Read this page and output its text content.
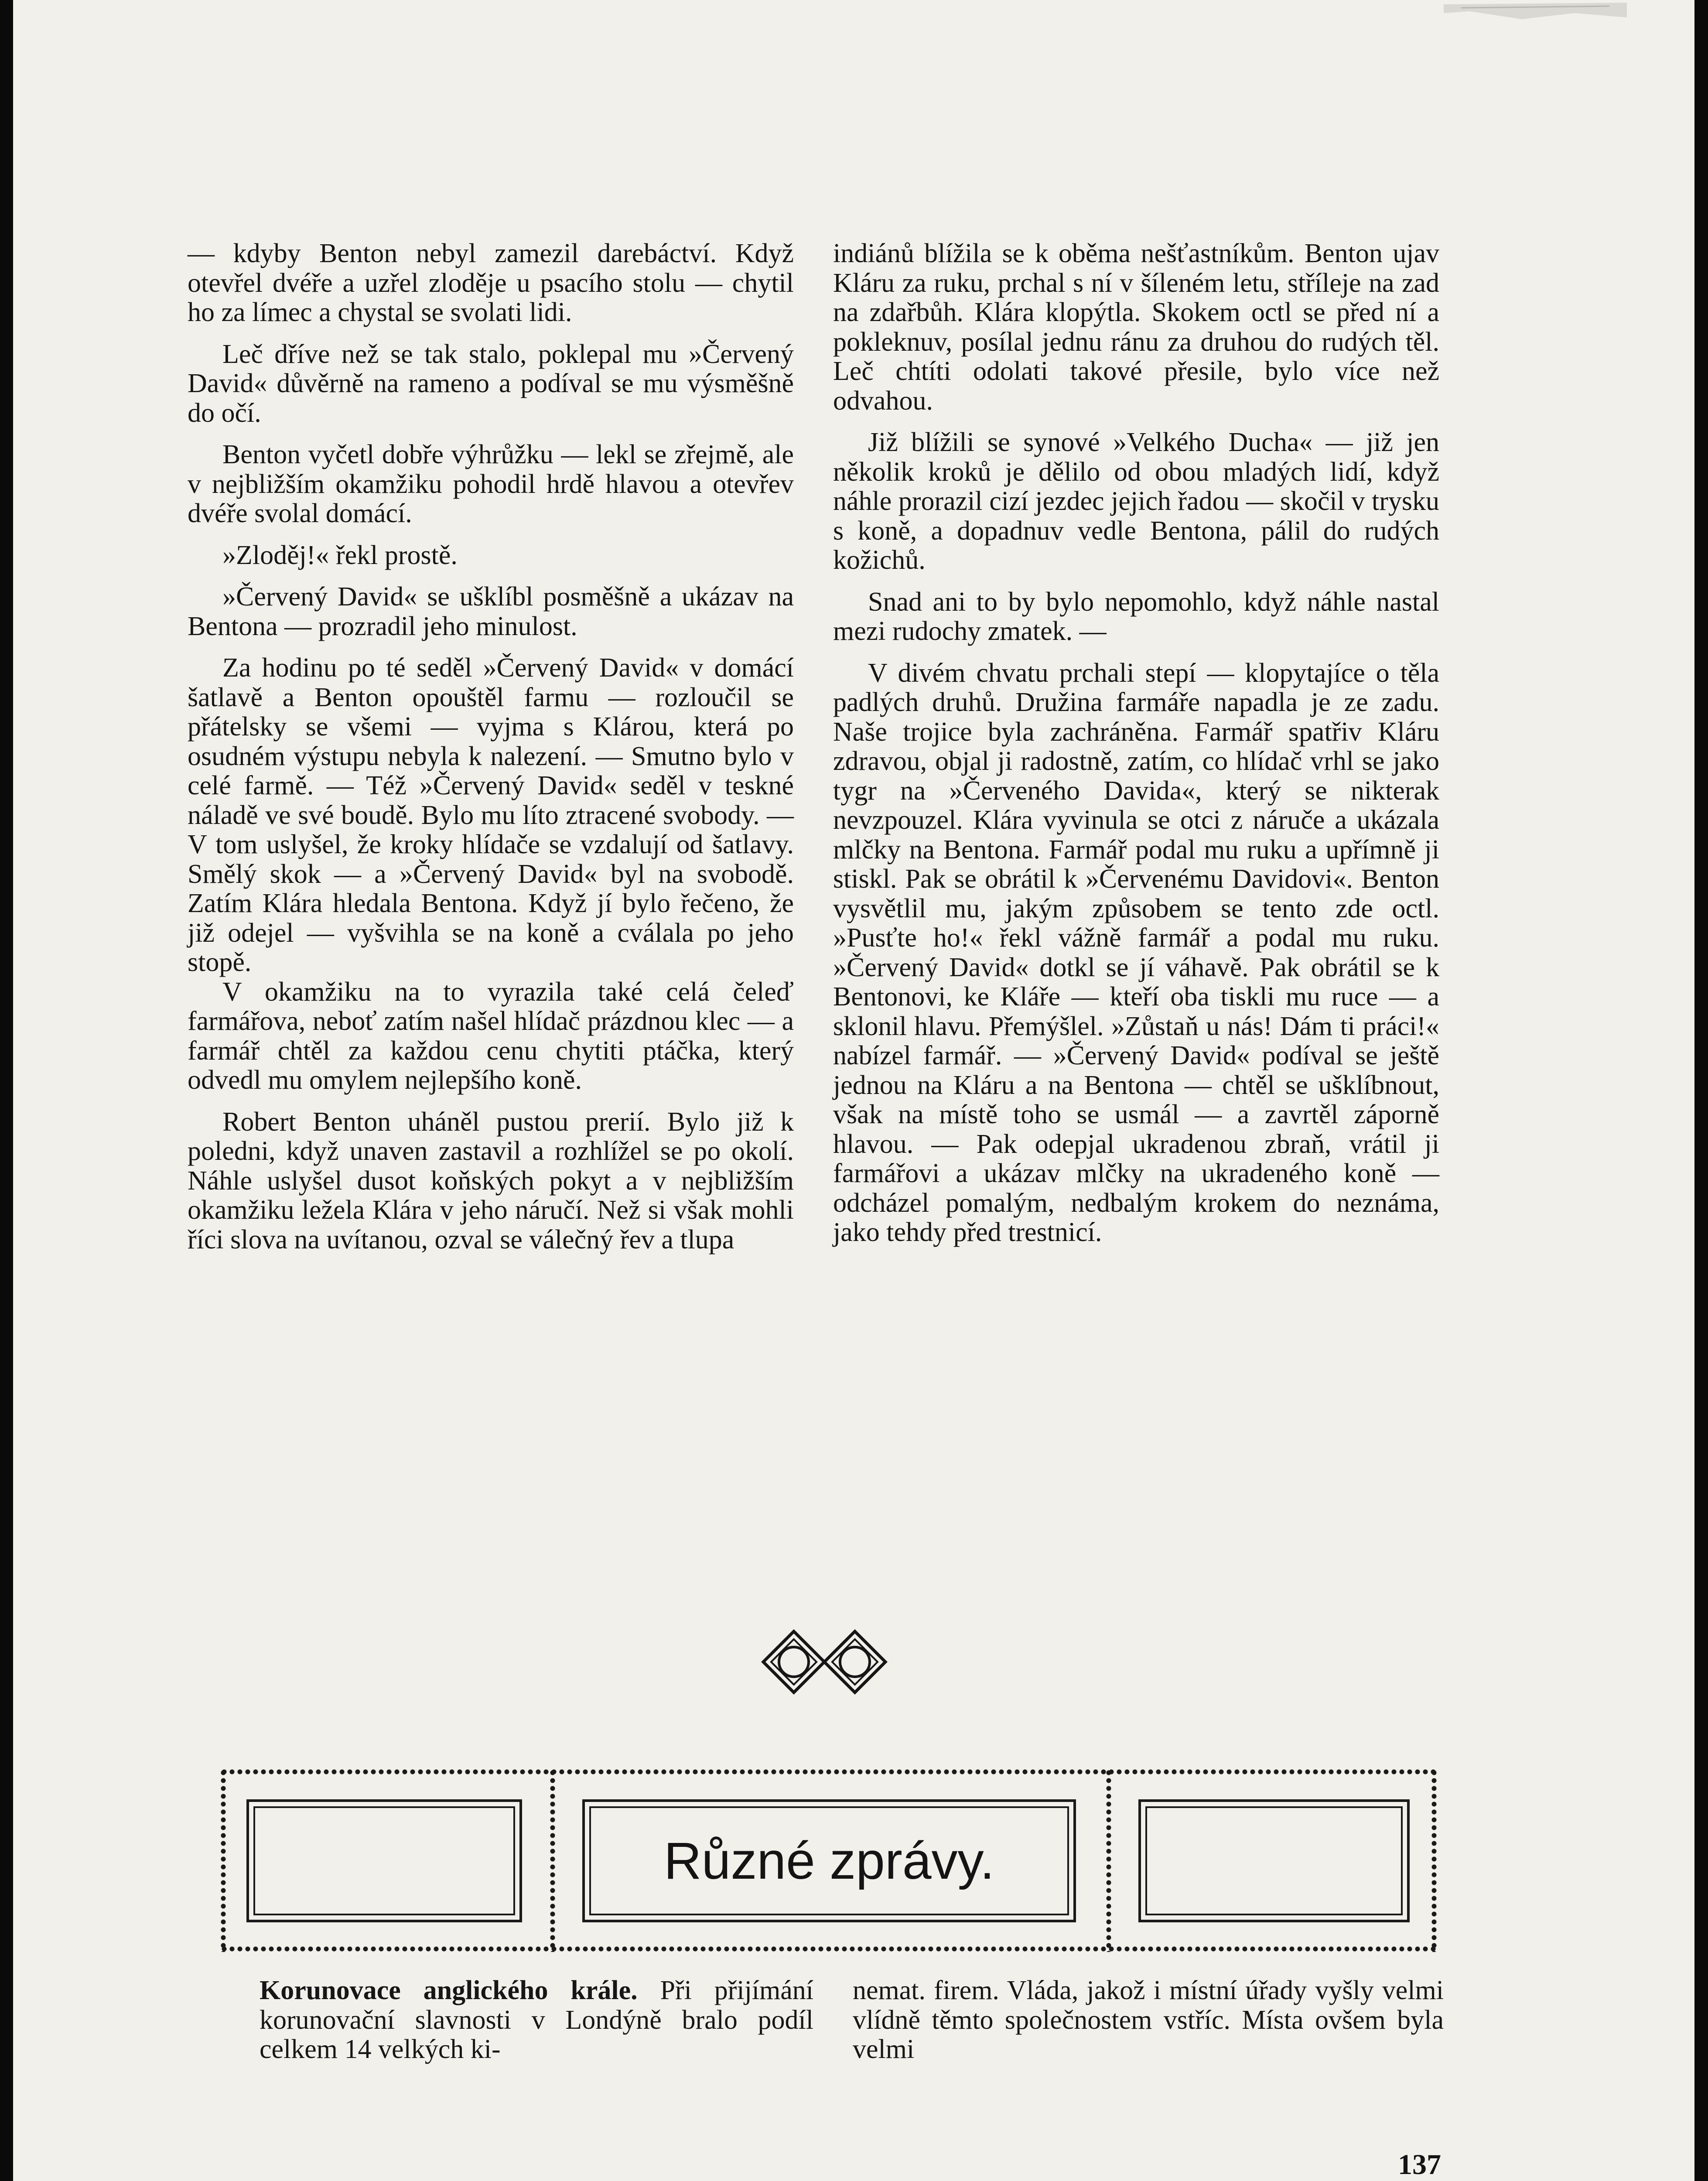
— kdyby Benton nebyl zamezil darebáctví. Když otevřel dvéře a uzřel zloděje u psacího stolu — chytil ho za límec a chystal se svolati lidi.

Leč dříve než se tak stalo, poklepal mu »Červený David« důvěrně na rameno a podíval se mu výsměšně do očí.

Benton vyčetl dobře výhrůžku — lekl se zřejmě, ale v nejbližším okamžiku pohodil hrdě hlavou a otevřev dvéře svolal domácí.

»Zloděj!« řekl prostě.

»Červený David« se ušklíbl posměšně a ukázav na Bentona — prozradil jeho minulost.

Za hodinu po té seděl »Červený David« v domácí šatlavě a Benton opouštěl farmu — rozloučil se přátelsky se všemi — vyjma s Klárou, která po osudném výstupu nebyla k nalezení. — Smutno bylo v celé farmě. — Též »Červený David« seděl v teskné náladě ve své boudě. Bylo mu líto ztracené svobody. — V tom uslyšel, že kroky hlídače se vzdalují od šatlavy. Smělý skok — a »Červený David« byl na svobodě. Zatím Klára hledala Bentona. Když jí bylo řečeno, že již odejel — vyšvihla se na koně a cválala po jeho stopě.

V okamžiku na to vyrazila také celá čeleď farmářova, neboť zatím našel hlídač prázdnou klec — a farmář chtěl za každou cenu chytiti ptáčka, který odvedl mu omylem nejlepšího koně.

Robert Benton uháněl pustou prerií. Bylo již k poledni, když unaven zastavil a rozhlížel se po okolí. Náhle uslyšel dusot koňských pokyt a v nejbližším okamžiku ležela Klára v jeho náručí. Než si však mohli říci slova na uvítanou, ozval se válečný řev a tlupa

indiánů blížila se k oběma nešťastníkům. Benton ujav Kláru za ruku, prchal s ní v šíleném letu, střílеje na zad na zdařbůh. Klára klopýtla. Skokem octl se před ní a pokleknuv, posílal jednu ránu za druhou do rudých těl. Leč chtíti odolati takové přesile, bylo více než odvahou.

Již blížili se synové »Velkého Ducha« — již jen několik kroků je dělilo od obou mladých lidí, když náhle prorazil cizí jezdec jejich řadou — skočil v trysku s koně, a dopadnuv vedle Bentona, pálil do rudých kožichů.

Snad ani to by bylo nepomohlo, když náhle nastal mezi rudochy zmatek. —

V divém chvatu prchali stepí — klopytajíce o těla padlých druhů. Družina farmáře napadla je ze zadu. Naše trojice byla zachráněna. Farmář spatřiv Kláru zdravou, objal ji radostně, zatím, co hlídač vrhl se jako tygr na »Červeného Davida«, který se nikterak nevzpouzel. Klára vyvinula se otci z náruče a ukázala mlčky na Bentona. Farmář podal mu ruku a upřímně ji stiskl. Pak se obrátil k »Červenému Davidovi«. Benton vysvětlil mu, jakým způsobem se tento zde octl. »Pusťte ho!« řekl vážně farmář a podal mu ruku. »Červený David« dotkl se jí váhavě. Pak obrátil se k Bentonovi, ke Kláře — kteří oba tiskli mu ruce — a sklonil hlavu. Přemýšlel. »Zůstaň u nás! Dám ti práci!« nabízel farmář. — »Červený David« podíval se ještě jednou na Kláru a na Bentona — chtěl se ušklíbnout, však na místě toho se usmál — a zavrtěl záporně hlavou. — Pak odepjal ukradenou zbraň, vrátil ji farmářovi a ukázav mlčky na ukradeného koně — odcházel pomalým, nedbalým krokem do neznáma, jako tehdy před trestnicí.

Různé zprávy.

Korunovace anglického krále. Při přijímání korunovační slavnosti v Londýně bralo podíl celkem 14 velkých ki-

nemat. firem. Vláda, jakož i místní úřady vyšly velmi vlídně těmto společnostem vstříc. Místa ovšem byla velmi

137
